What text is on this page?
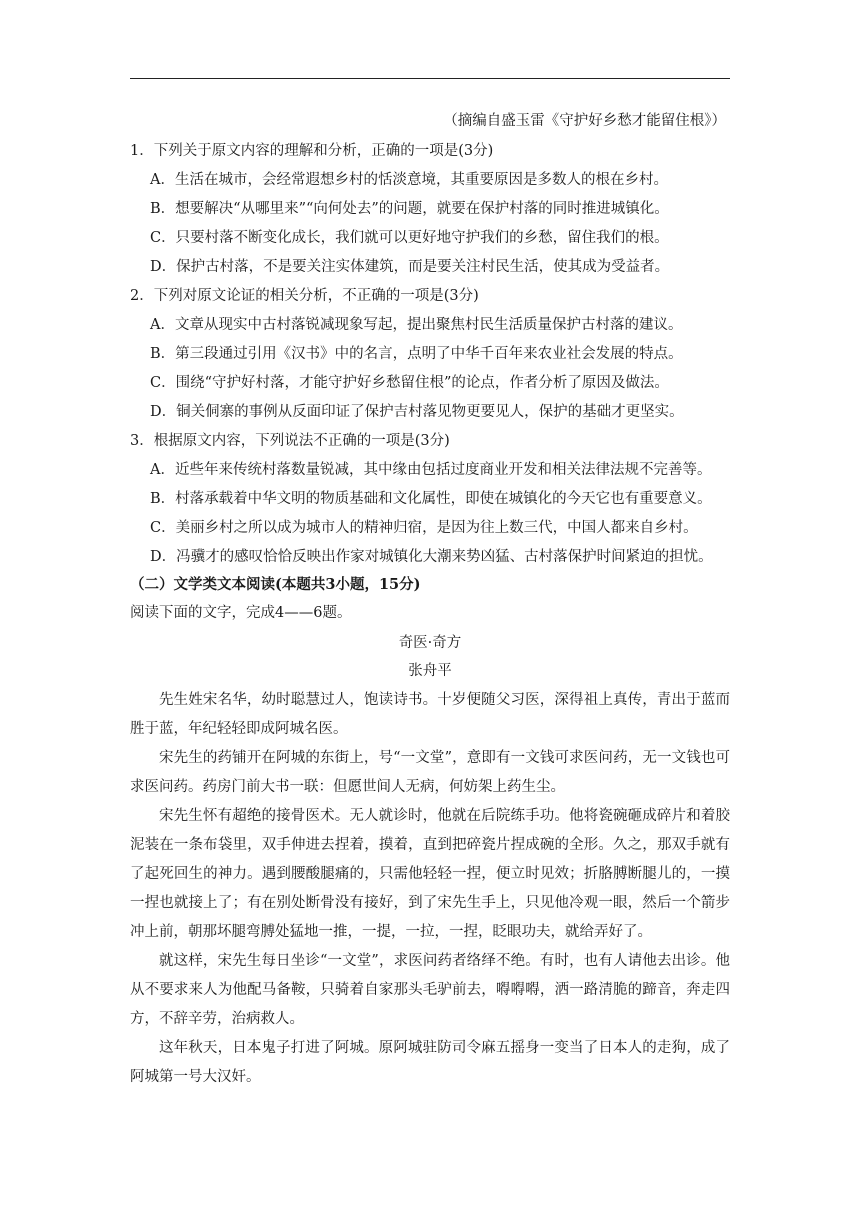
（摘编自盛玉雷《守护好乡愁才能留住根》）
1．下列关于原文内容的理解和分析，正确的一项是(3分)
A．生活在城市，会经常遐想乡村的恬淡意境，其重要原因是多数人的根在乡村。
B．想要解决“从哪里来”“向何处去”的问题，就要在保护村落的同时推进城镇化。
C．只要村落不断变化成长，我们就可以更好地守护我们的乡愁，留住我们的根。
D．保护古村落，不是要关注实体建筑，而是要关注村民生活，使其成为受益者。
2．下列对原文论证的相关分析，不正确的一项是(3分)
A．文章从现实中古村落锐减现象写起，提出聚焦村民生活质量保护古村落的建议。
B．第三段通过引用《汉书》中的名言，点明了中华千百年来农业社会发展的特点。
C．围绕“守护好村落，才能守护好乡愁留住根”的论点，作者分析了原因及做法。
D．铜关侗寨的事例从反面印证了保护吉村落见物更要见人，保护的基础才更坚实。
3．根据原文内容，下列说法不正确的一项是(3分)
A．近些年来传统村落数量锐减，其中缘由包括过度商业开发和相关法律法规不完善等。
B．村落承载着中华文明的物质基础和文化属性，即使在城镇化的今天它也有重要意义。
C．美丽乡村之所以成为城市人的精神归宿，是因为往上数三代，中国人都来自乡村。
D．冯骥才的感叹恰恰反映出作家对城镇化大潮来势凶猛、古村落保护时间紧迫的担忧。
（二）文学类文本阅读(本题共3小题，15分)
阅读下面的文字，完成4——6题。
奇医·奇方
张舟平
先生姓宋名华，幼时聪慧过人，饱读诗书。十岁便随父习医，深得祖上真传，青出于蓝而胜于蓝，年纪轻轻即成阿城名医。
宋先生的药铺开在阿城的东街上，号“一文堂”，意即有一文钱可求医问药，无一文钱也可求医问药。药房门前大书一联：但愿世间人无病，何妨架上药生尘。
宋先生怀有超绝的接骨医术。无人就诊时，他就在后院练手功。他将瓷碗砸成碎片和着胶泥装在一条布袋里，双手伸进去捏着，摸着，直到把碎瓷片捏成碗的全形。久之，那双手就有了起死回生的神力。遇到腰酸腿痛的，只需他轻轻一捏，便立时见效；折胳膊断腿儿的，一摸一捏也就接上了；有在别处断骨没有接好，到了宋先生手上，只见他冷观一眼，然后一个箭步冲上前，朝那坏腿弯膊处猛地一推，一提，一拉，一捏，眨眼功夫，就给弄好了。
就这样，宋先生每日坐诊“一文堂”，求医问药者络绎不绝。有时，也有人请他去出诊。他从不要求来人为他配马备鞍，只骑着自家那头毛驴前去，嘚嘚嘚，洒一路清脆的蹄音，奔走四方，不辞辛劳，治病救人。
这年秋天，日本鬼子打进了阿城。原阿城驻防司令麻五摇身一变当了日本人的走狗，成了阿城第一号大汉奸。
